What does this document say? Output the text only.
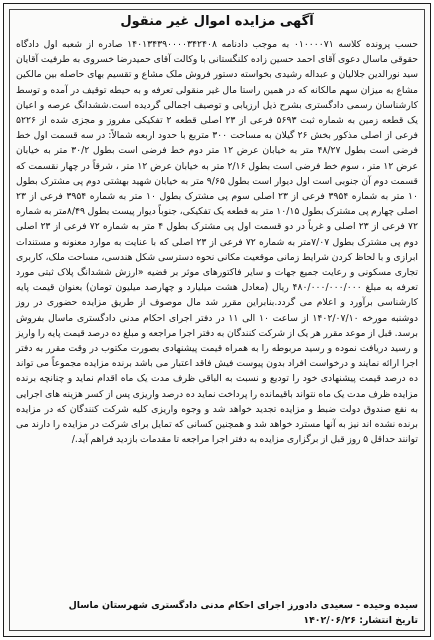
آگهی مزایده اموال غیر منقول

حسب پرونده کلاسه ۰۱۰۰۰۰۷۱ به موجب دادنامه ۱۴۰۱۳۴۳۹۰۰۰۰۳۴۲۴۰۸ صادره از شعبه اول دادگاه حقوقی ماسال دعوی آقای احمد حسین زاده کلنگستانی با وکالت آقای حمیدرضا خسروی به طرفیت آقایان سید نورالدین جلالیان و عبداله رشیدی بخواسته دستور فروش ملک مشاع و تقسیم بهای حاصله بین مالکین مشاع به میزان سهم مالکانه که در همین راستا مال غیر منقولی تعرفه و به حیطه توقیف در آمده و توسط کارشناسان رسمی دادگستری بشرح ذیل ارزیابی و توصیف اجمالی گردیده است.ششدانگ عرصه و اعیان یک قطعه زمین به شماره ثبت ۵۶۹۳ فرعی از ۲۳ اصلی قطعه ۲ تفکیکی مفروز و مجزی شده از ۵۲۲۶ فرعی از اصلی مذکور بخش ۲۶ گیلان به مساحت ۳۰۰ متربع با حدود اربعه شمالاً: در سه قسمت اول خط فرضی است بطول ۴۸/۲۷ متر به خیابان عرض ۱۲ متر دوم خط فرضی است بطول ۳۰/۲ متر به خیابان عرض ۱۲ متر ، سوم خط فرضی است بطول ۲/۱۶ متر به خیابان عرض ۱۲ متر ، شرقاً در چهار نقسمت که قسمت دوم آن جنوبی است اول دیوار است بطول ۹/۶۵ متر به خیابان شهید بهشتی دوم پی مشترک بطول ۱۰ متر به شماره ۳۹۵۴ فرعی از ۲۳ اصلی سوم پی مشترک بطول ۱۰ متر به شماره ۳۹۵۴ فرعی از ۲۳ اصلی چهارم پی مشترک بطول ۱۰/۱۵ متر به قطعه یک تفکیکی، جنوباً دیوار پیست بطول ۸/۴۹متر به شماره ۷۲ فرعی از ۲۳ اصلی و غرباً در دو قسمت اول پی مشترک بطول ۴ متر به شماره ۷۲ فرعی از ۲۳ اصلی دوم پی مشترک بطول ۷/۰۷متر به شماره ۷۲ فرعی از ۲۳ اصلی که با عنایت به موارد معنونه و مستندات ابرازی و با لحاظ کردن شرایط زمانی موقعیت مکانی نحوه دسترسی شکل هندسی، مساحت ملک، کاربری تجاری مسکونی و رعایت جمیع جهات و سایر فاکتورهای موثر بر قضیه «ارزش ششدانگ پلاک ثبتی مورد تعرفه به مبلغ ۴۸۰/۰۰۰/۰۰۰/۰۰۰ ریال (معادل هشت میلیارد و چهارصد میلیون تومان) بعنوان قیمت پایه کارشناسی برآورد و اعلام می گردد.بنابراین مقرر شد مال موصوف از طریق مزایده حضوری در روز دوشنبه مورخه ۱۴۰۲/۰۷/۱۰ از ساعت ۱۰ الی ۱۱ در دفتر اجرای احکام مدنی دادگستری ماسال بفروش برسد. قبل از موعد مقرر هر یک از شرکت کنندگان به دفتر اجرا مراجعه و مبلغ ده درصد قیمت پایه را واریز و رسید دریافت نموده و رسید مربوطه را به همراه قیمت پیشنهادی بصورت مکتوب در وقت مقرر به دفتر اجرا ارائه نمایند و درخواست افراد بدون پیوست فیش فاقد اعتبار می باشد برنده مزایده مجموعاً می تواند ده درصد قیمت پیشنهادی خود را تودیع و نسبت به الباقی ظرف مدت یک ماه اقدام نماید و چنانچه برنده مزایده ظرف مدت یک ماه نتواند باقیمانده را پرداخت نماید ده درصد واریزی پس از کسر هزینه های اجرایی به نفع صندوق دولت ضبط و مزایده تجدید خواهد شد و وجوه واریزی کلیه شرکت کنندگان که در مزایده برنده نشده اند نیز به آنها مسترد خواهد شد و همچنین کسانی که تمایل برای شرکت در مزایده را دارند می توانند حداقل ۵ روز قبل از برگزاری مزایده به دفتر اجرا مراجعه تا مقدمات بازدید فراهم آید./

سیده وحیده - سعیدی دادورز اجرای احکام مدنی دادگستری شهرستان ماسال
تاریخ انتشار: ۱۴۰۲/۰۶/۲۶
